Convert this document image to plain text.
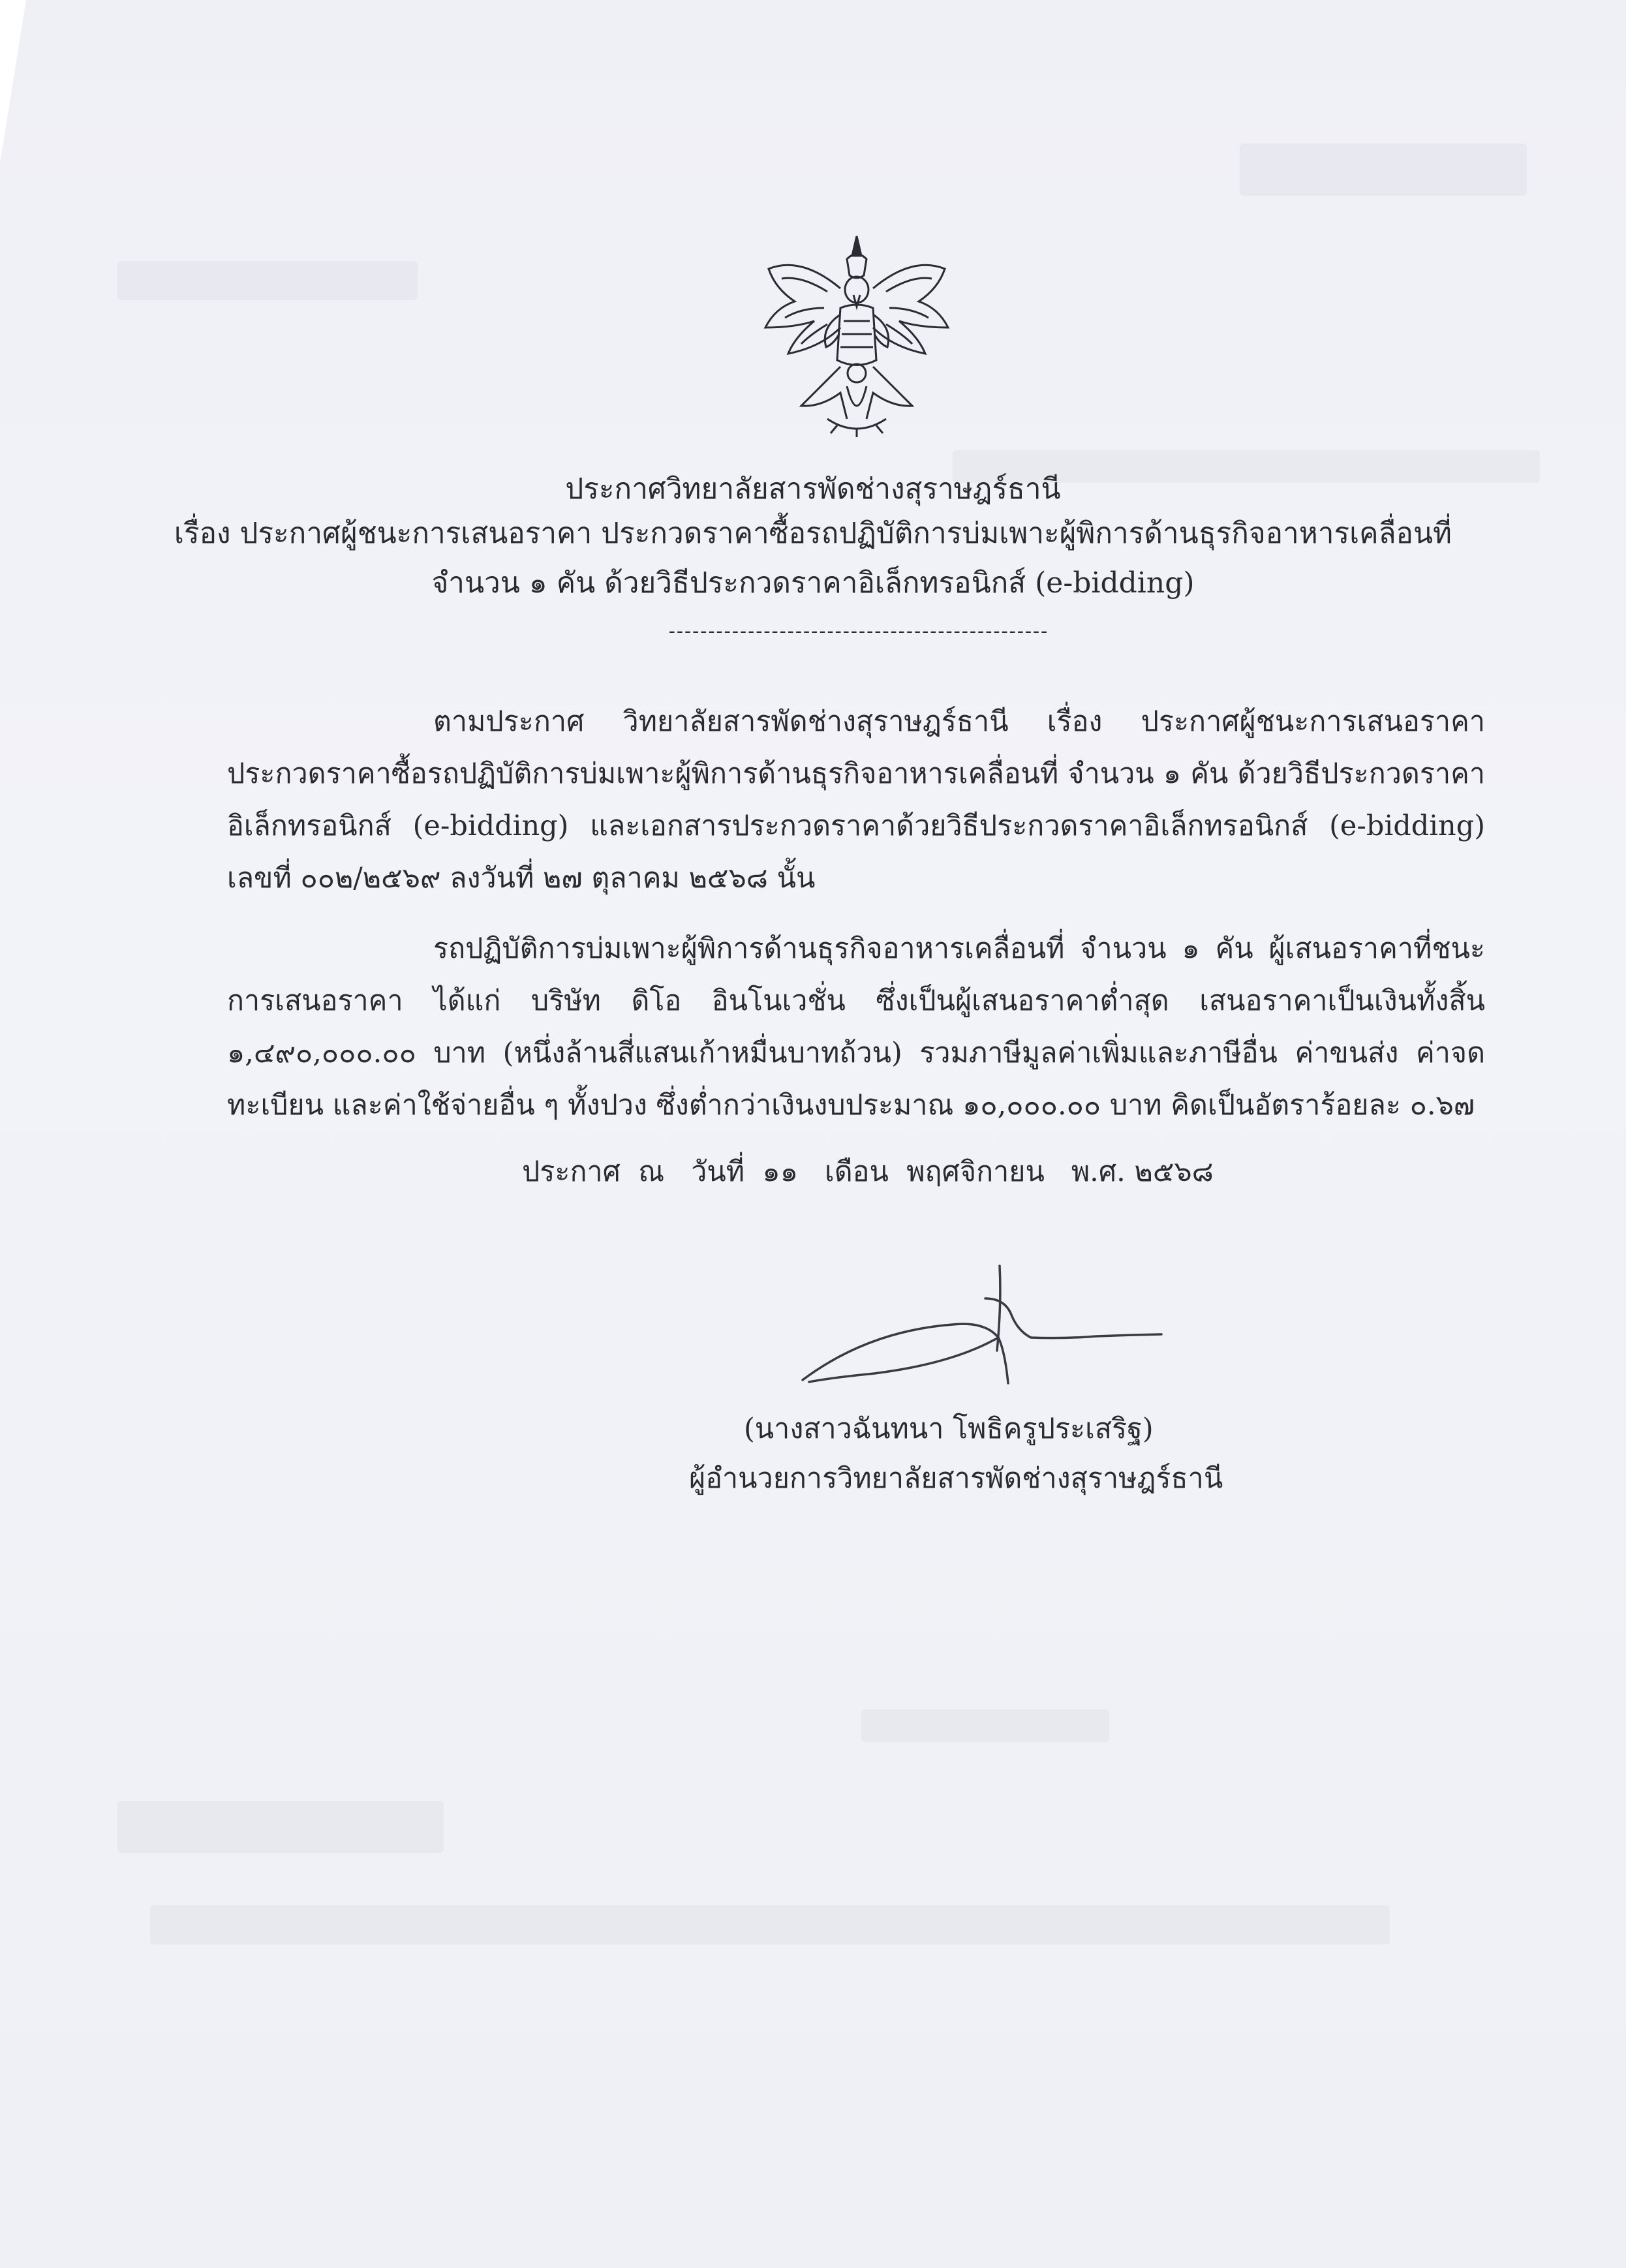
ประกาศวิทยาลัยสารพัดช่างสุราษฎร์ธานี
เรื่อง ประกาศผู้ชนะการเสนอราคา ประกวดราคาซื้อรถปฏิบัติการบ่มเพาะผู้พิการด้านธุรกิจอาหารเคลื่อนที่
จำนวน ๑ คัน ด้วยวิธีประกวดราคาอิเล็กทรอนิกส์ (e-bidding)
------------------------------------------------
ตามประกาศ วิทยาลัยสารพัดช่างสุราษฎร์ธานี เรื่อง ประกาศผู้ชนะการเสนอราคาประกวดราคาซื้อรถปฏิบัติการบ่มเพาะผู้พิการด้านธุรกิจอาหารเคลื่อนที่ จำนวน ๑ คัน ด้วยวิธีประกวดราคาอิเล็กทรอนิกส์ (e-bidding) และเอกสารประกวดราคาด้วยวิธีประกวดราคาอิเล็กทรอนิกส์ (e-bidding) เลขที่ ๐๐๒/๒๕๖๙ ลงวันที่ ๒๗ ตุลาคม ๒๕๖๘ นั้น
รถปฏิบัติการบ่มเพาะผู้พิการด้านธุรกิจอาหารเคลื่อนที่ จำนวน ๑ คัน ผู้เสนอราคาที่ชนะการเสนอราคา ได้แก่ บริษัท ดิโอ อินโนเวชั่น ซึ่งเป็นผู้เสนอราคาต่ำสุด เสนอราคาเป็นเงินทั้งสิ้น ๑,๔๙๐,๐๐๐.๐๐ บาท (หนึ่งล้านสี่แสนเก้าหมื่นบาทถ้วน) รวมภาษีมูลค่าเพิ่มและภาษีอื่น ค่าขนส่ง ค่าจดทะเบียน และค่าใช้จ่ายอื่น ๆ ทั้งปวง ซึ่งต่ำกว่าเงินงบประมาณ ๑๐,๐๐๐.๐๐ บาท คิดเป็นอัตราร้อยละ ๐.๖๗
ประกาศ  ณ   วันที่  ๑๑   เดือน  พฤศจิกายน   พ.ศ. ๒๕๖๘
(นางสาวฉันทนา โพธิครูประเสริฐ)
ผู้อำนวยการวิทยาลัยสารพัดช่างสุราษฎร์ธานี
